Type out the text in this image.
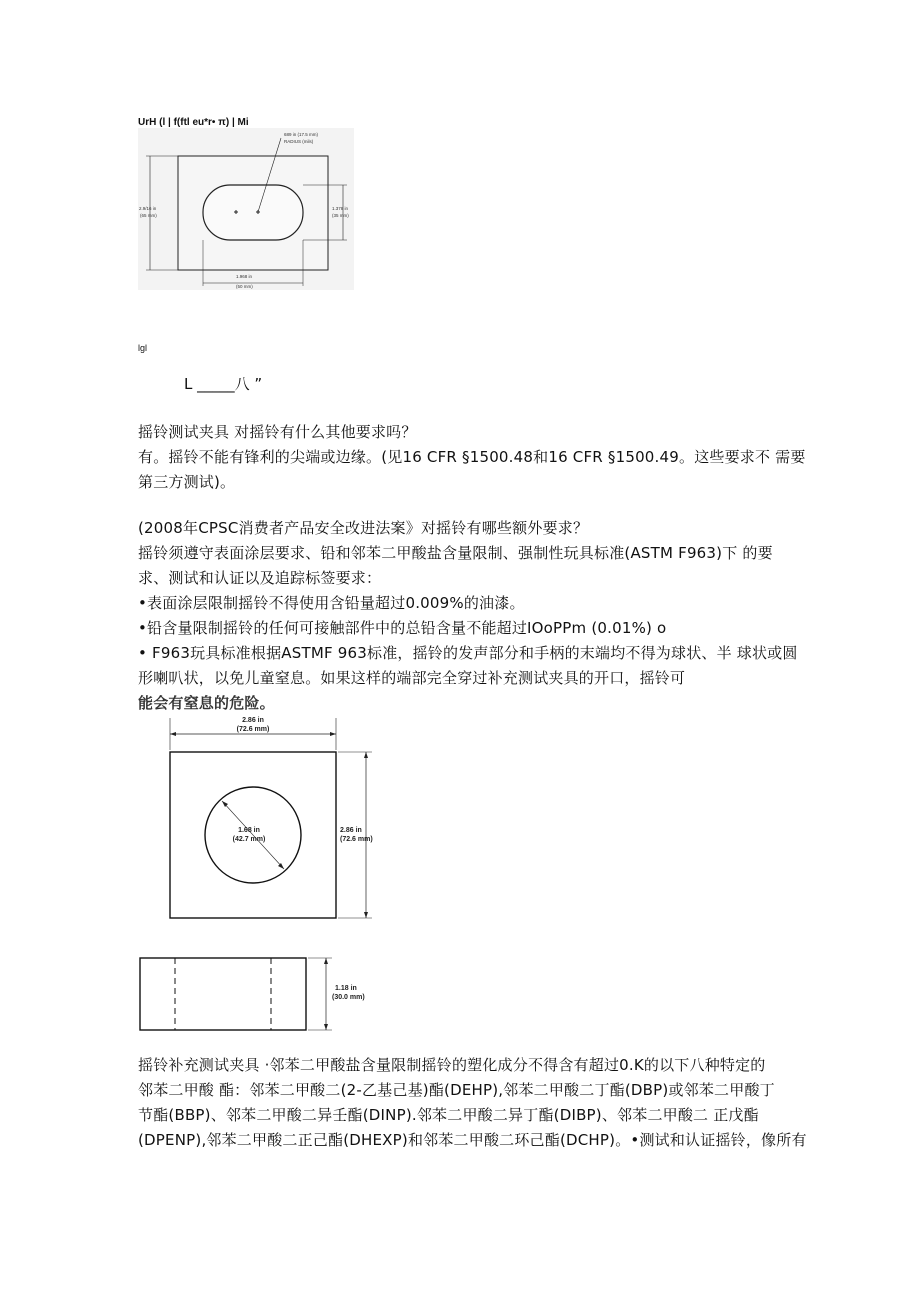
UrH (l | f(ftl eu*r• π) | Mi
689 in (17.5 mm)
RADIUS (mils)
2.9/16 in
(65 mm)
1.378 in
(35 mm)
1.968 in
(50 mm)
lgl
L _____八 ”
摇铃测试夹具 对摇铃有什么其他要求吗？
有。摇铃不能有锋利的尖端或边缘。(见16 CFR §1500.48和16 CFR §1500.49。这些要求不 需要
第三方测试)。
(2008年CPSC消费者产品安全改进法案》对摇铃有哪些额外要求？
摇铃须遵守表面涂层要求、铅和邻苯二甲酸盐含量限制、强制性玩具标准(ASTM F963)下 的要
求、测试和认证以及追踪标签要求：
•表面涂层限制摇铃不得使用含铅量超过0.009%的油漆。
•铅含量限制摇铃的任何可接触部件中的总铅含量不能超过IOoPPm (0.01%) o
• F963玩具标准根据ASTMF 963标准，摇铃的发声部分和手柄的末端均不得为球状、半 球状或圆
形喇叭状，以免儿童窒息。如果这样的端部完全穿过补充测试夹具的开口，摇铃可
能会有窒息的危险。
2.86 in
(72.6 mm)
1.68 in
(42.7 mm)
2.86 in
(72.6 mm)
1.18 in
(30.0 mm)
摇铃补充测试夹具 ·邻苯二甲酸盐含量限制摇铃的塑化成分不得含有超过0.K的以下八种特定的
邻苯二甲酸 酯：邻苯二甲酸二(2-乙基己基)酯(DEHP),邻苯二甲酸二丁酯(DBP)或邻苯二甲酸丁
节酯(BBP)、邻苯二甲酸二异壬酯(DINP).邻苯二甲酸二异丁酯(DIBP)、邻苯二甲酸二 正戊酯
(DPENP),邻苯二甲酸二正己酯(DHEXP)和邻苯二甲酸二环己酯(DCHP)。•测试和认证摇铃，像所有
